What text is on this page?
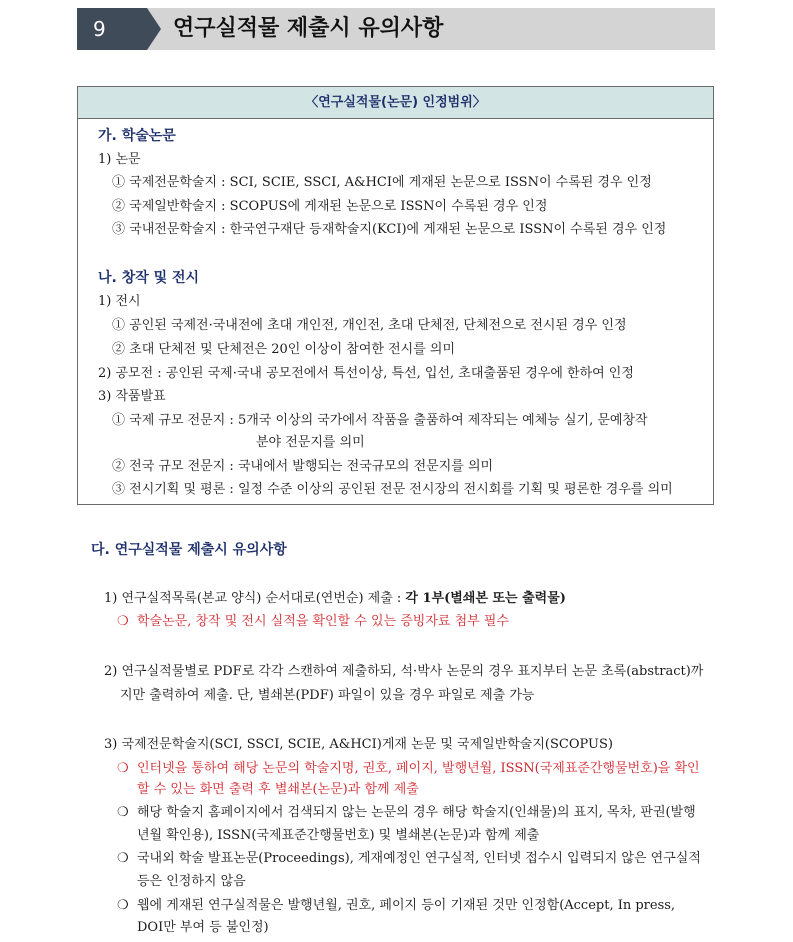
9	연구실적물 제출시 유의사항
〈연구실적물(논문) 인정범위〉
가. 학술논문
1) 논문
① 국제전문학술지 : SCI, SCIE, SSCI, A&HCI에 게재된 논문으로 ISSN이 수록된 경우 인정
② 국제일반학술지 : SCOPUS에 게재된 논문으로 ISSN이 수록된 경우 인정
③ 국내전문학술지 : 한국연구재단 등재학술지(KCI)에 게재된 논문으로 ISSN이 수록된 경우 인정
나. 창작 및 전시
1) 전시
① 공인된 국제전·국내전에 초대 개인전, 개인전, 초대 단체전, 단체전으로 전시된 경우 인정
② 초대 단체전 및 단체전은 20인 이상이 참여한 전시를 의미
2) 공모전 : 공인된 국제·국내 공모전에서 특선이상, 특선, 입선, 초대출품된 경우에 한하여 인정
3) 작품발표
① 국제 규모 전문지 : 5개국 이상의 국가에서 작품을 출품하여 제작되는 예체능 실기, 문예창작
분야 전문지를 의미
② 전국 규모 전문지 : 국내에서 발행되는 전국규모의 전문지를 의미
③ 전시기획 및 평론 : 일정 수준 이상의 공인된 전문 전시장의 전시회를 기획 및 평론한 경우를 의미
다. 연구실적물 제출시 유의사항
1) 연구실적목록(본교 양식) 순서대로(연번순) 제출 : 각 1부(별쇄본 또는 출력물)
❍ 학술논문, 창작 및 전시 실적을 확인할 수 있는 증빙자료 첨부 필수
2) 연구실적물별로 PDF로 각각 스캔하여 제출하되, 석·박사 논문의 경우 표지부터 논문 초록(abstract)까
지만 출력하여 제출. 단, 별쇄본(PDF) 파일이 있을 경우 파일로 제출 가능
3) 국제전문학술지(SCI, SSCI, SCIE, A&HCI)게재 논문 및 국제일반학술지(SCOPUS)
❍ 인터넷을 통하여 해당 논문의 학술지명, 권호, 페이지, 발행년월, ISSN(국제표준간행물번호)을 확인
할 수 있는 화면 출력 후 별쇄본(논문)과 함께 제출
❍ 해당 학술지 홈페이지에서 검색되지 않는 논문의 경우 해당 학술지(인쇄물)의 표지, 목차, 판권(발행
년월 확인용), ISSN(국제표준간행물번호) 및 별쇄본(논문)과 함께 제출
❍ 국내외 학술 발표논문(Proceedings), 게재예정인 연구실적, 인터넷 접수시 입력되지 않은 연구실적
등은 인정하지 않음
❍ 웹에 게재된 연구실적물은 발행년월, 권호, 페이지 등이 기재된 것만 인정함(Accept, In press,
DOI만 부여 등 불인정)
